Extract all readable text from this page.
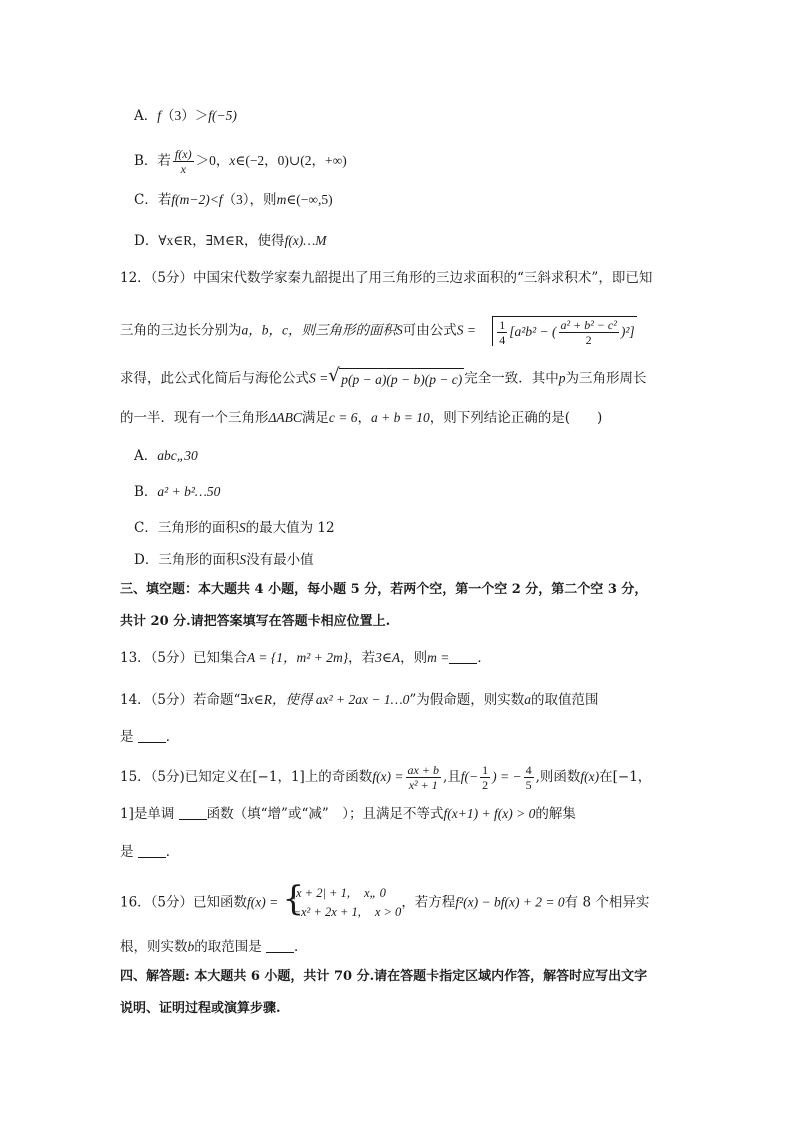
A．f（3）＞f(−5)
B．若 $\frac{f(x)}{x} >0$，x∈(−2，0)∪(2，+∞)
C．若f(m−2)<f（3），则m∈(−∞,5)
D．∀x∈R，∃M∈R，使得f(x)…M
12．（5分）中国宋代数学家秦九韶提出了用三角形的三边求面积的“三斜求积术”，即已知
三角的三边长分别为a，b，c，则三角形的面积S可由公式$S = \frac{1}{4} [a^2b^2$ − ( $\frac{\text{a² + b² − c²}}{2} )^2$]
求得，此公式化简后与海伦公式S =√ p(p − a)(p − b)(p − c) 完全一致．其中p为三角形周长
的一半．现有一个三角形ΔABC满足c = 6，a + b = 10，则下列结论正确的是(　　)
A．abc„30
B．a² + b²…50
C．三角形的面积S的最大值为 12
D．三角形的面积S没有最小值
三、填空题：本大题共 4 小题，每小题 5 分，若两个空，第一个空 2 分，第二个空 3 分，
共计 20 分.请把答案填写在答题卡相应位置上.
13．（5分）已知集合A = {1，m² + 2m}，若3∈A，则m = ．
14．（5分）若命题“∃x∈R，使得 ax² + 2ax − 1…0”为假命题，则实数a的取值范围
是 ．
15．（5分)已知定义在[−1，1]上的奇函数$f(x) = \frac{ax + b}{\text{x² + 1}}$ ,且$f(- \frac{1}{2}$ ) = − $\frac{4}{5}$ ,则函数f(x)在[−1，
1]是单调 函数（填“增”或“减”　）；且满足不等式f(x+1) + f(x) > 0的解集
是 ．
16．（5分）已知函数f(x) = {
|x + 2| + 1, x„ 0
−x² + 2x + 1, x > 0
，若方程f²(x) − bf(x) + 2 = 0有 8 个相异实
根，则实数b的取范围是 ．
四、解答题: 本大题共 6 小题，共计 70 分.请在答题卡指定区域内作答，解答时应写出文字
说明、证明过程或演算步骤.
